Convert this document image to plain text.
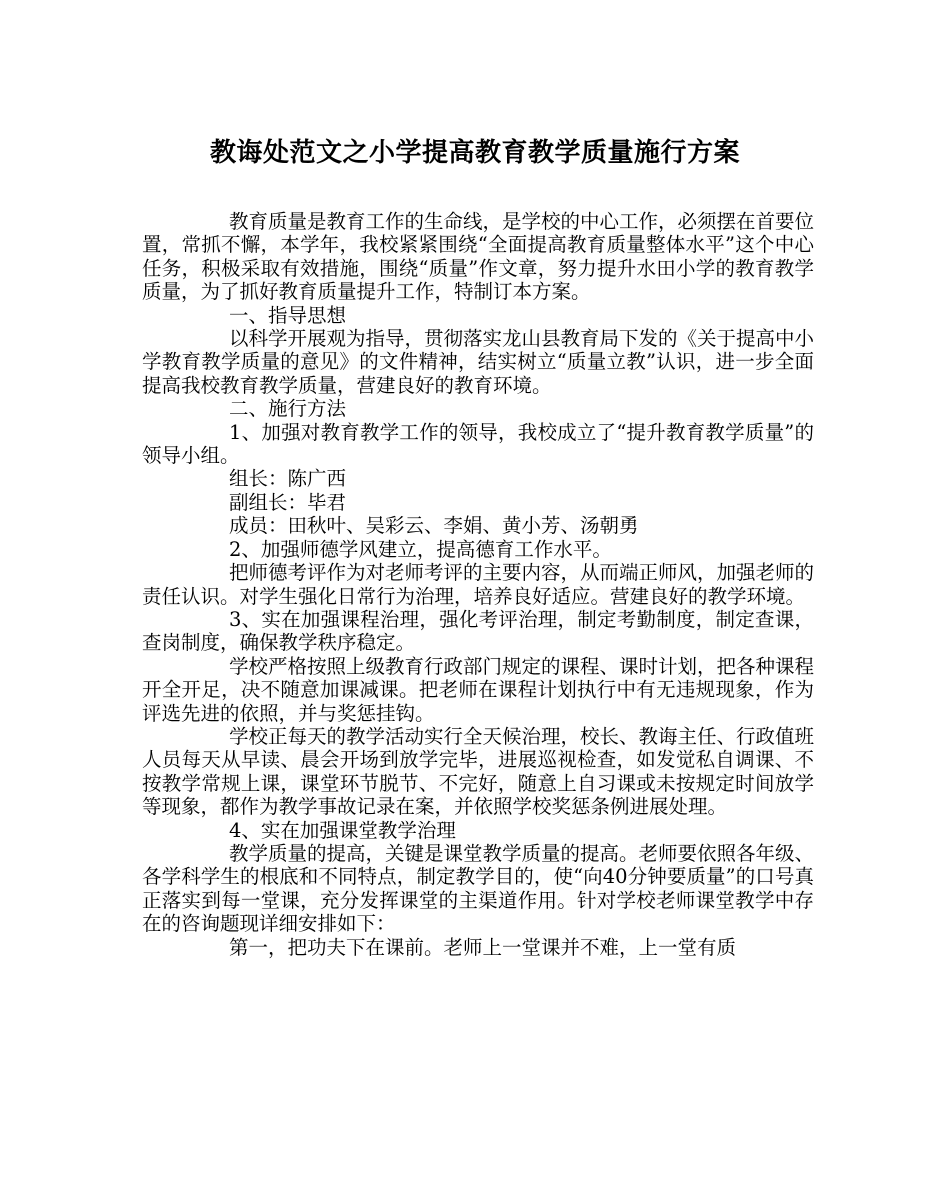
教诲处范文之小学提高教育教学质量施行方案

教育质量是教育工作的生命线，是学校的中心工作，必须摆在首要位置，常抓不懈，本学年，我校紧紧围绕“全面提高教育质量整体水平”这个中心任务，积极采取有效措施，围绕“质量”作文章，努力提升水田小学的教育教学质量，为了抓好教育质量提升工作，特制订本方案。

一、指导思想

以科学开展观为指导，贯彻落实龙山县教育局下发的《关于提高中小学教育教学质量的意见》的文件精神，结实树立“质量立教”认识，进一步全面提高我校教育教学质量，营建良好的教育环境。

二、施行方法

1、加强对教育教学工作的领导，我校成立了“提升教育教学质量”的领导小组。

组长：陈广西

副组长：毕君

成员：田秋叶、吴彩云、李娟、黄小芳、汤朝勇

2、加强师德学风建立，提高德育工作水平。

把师德考评作为对老师考评的主要内容，从而端正师风，加强老师的责任认识。对学生强化日常行为治理，培养良好适应。营建良好的教学环境。

3、实在加强课程治理，强化考评治理，制定考勤制度，制定查课，查岗制度，确保教学秩序稳定。

学校严格按照上级教育行政部门规定的课程、课时计划，把各种课程开全开足，决不随意加课减课。把老师在课程计划执行中有无违规现象，作为评选先进的依照，并与奖惩挂钩。

学校正每天的教学活动实行全天候治理，校长、教诲主任、行政值班人员每天从早读、晨会开场到放学完毕，进展巡视检查，如发觉私自调课、不按教学常规上课，课堂环节脱节、不完好，随意上自习课或未按规定时间放学等现象，都作为教学事故记录在案，并依照学校奖惩条例进展处理。

4、实在加强课堂教学治理

教学质量的提高，关键是课堂教学质量的提高。老师要依照各年级、各学科学生的根底和不同特点，制定教学目的，使“向40分钟要质量”的口号真正落实到每一堂课，充分发挥课堂的主渠道作用。针对学校老师课堂教学中存在的咨询题现详细安排如下：

第一，把功夫下在课前。老师上一堂课并不难，上一堂有质
